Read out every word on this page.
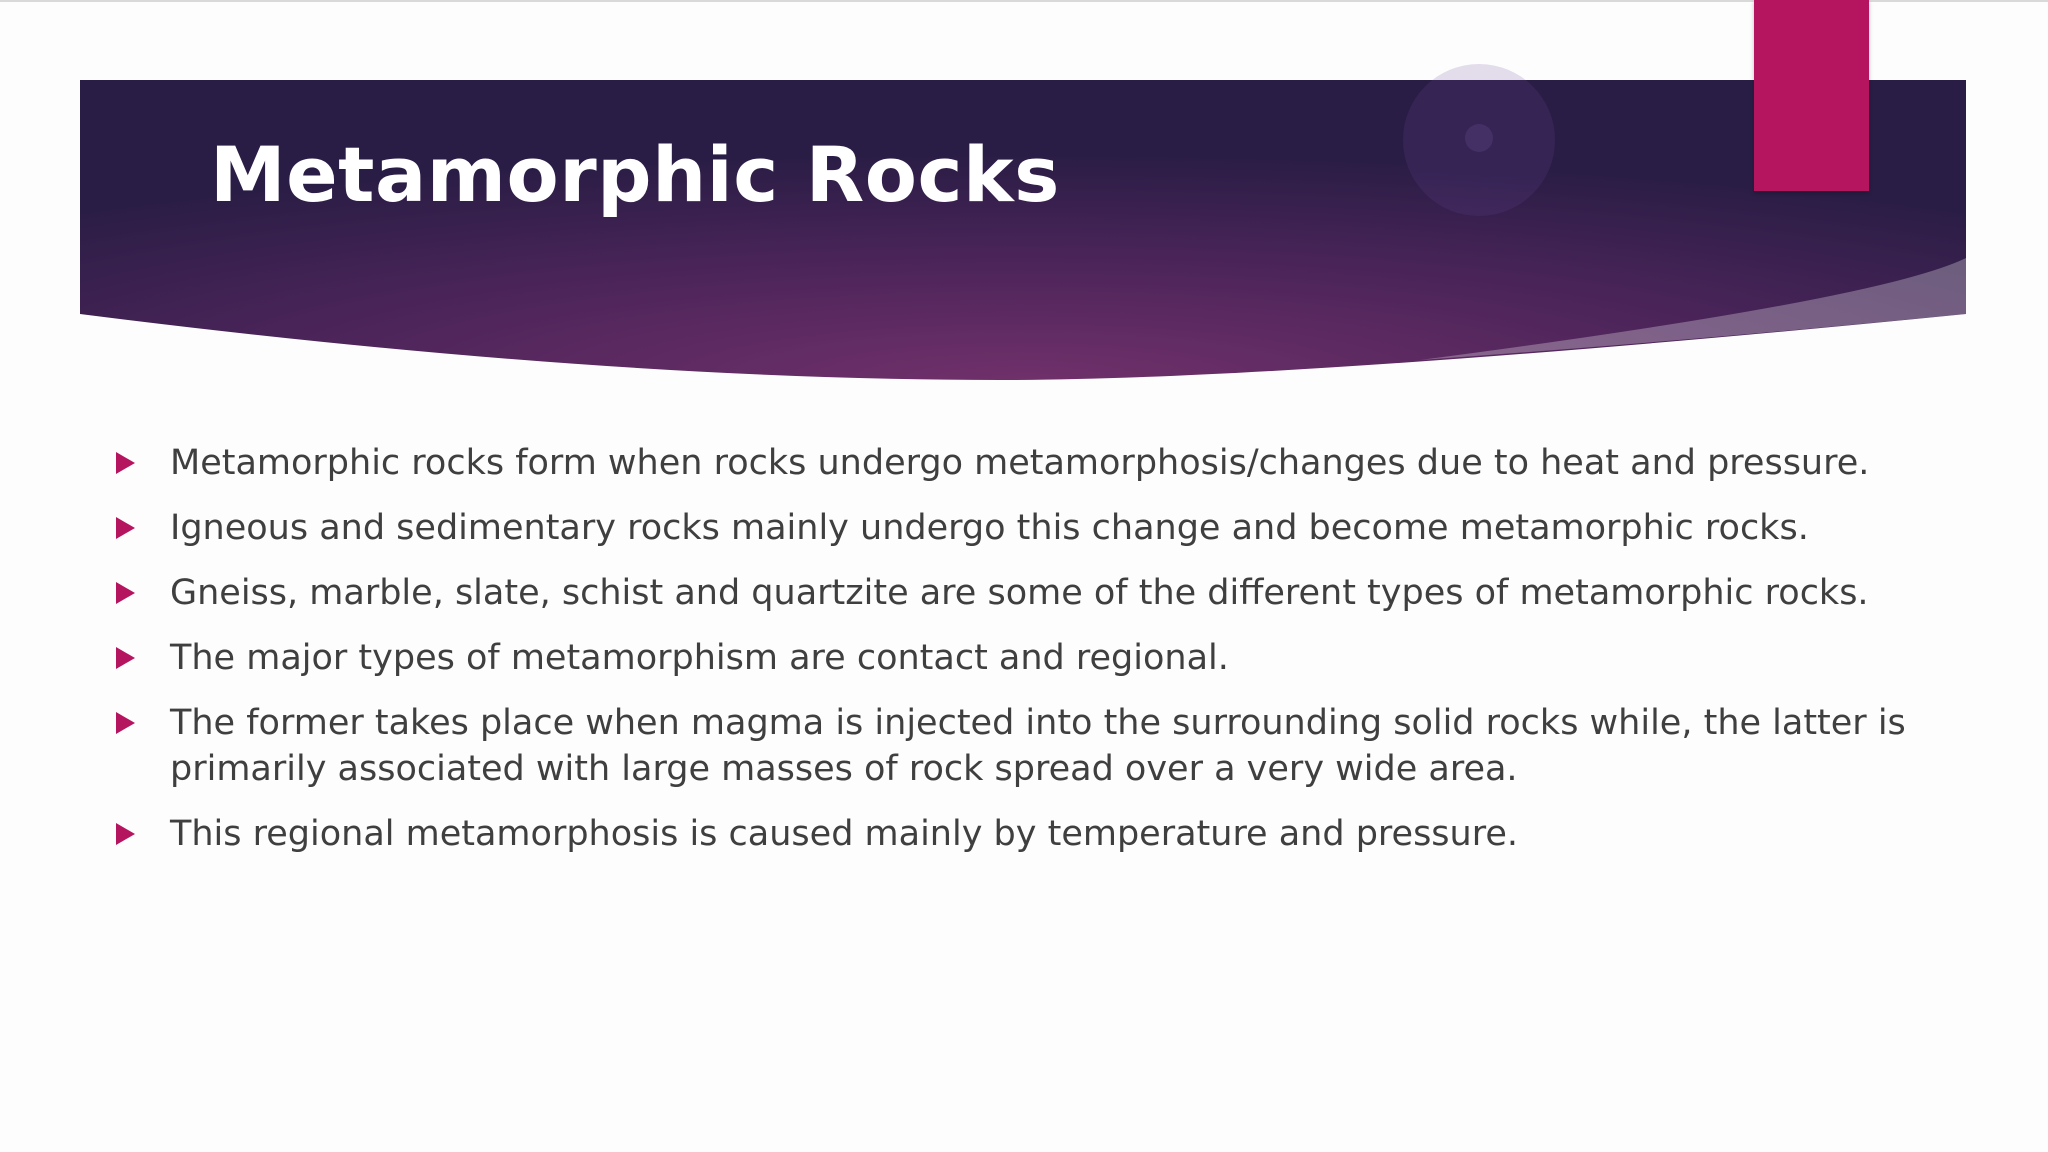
Metamorphic Rocks
Metamorphic rocks form when rocks undergo metamorphosis/changes due to heat and pressure.
Igneous and sedimentary rocks mainly undergo this change and become metamorphic rocks.
Gneiss, marble, slate, schist and quartzite are some of the different types of metamorphic rocks.
The major types of metamorphism are contact and regional.
The former takes place when magma is injected into the surrounding solid rocks while, the latter is primarily associated with large masses of rock spread over a very wide area.
This regional metamorphosis is caused mainly by temperature and pressure.
